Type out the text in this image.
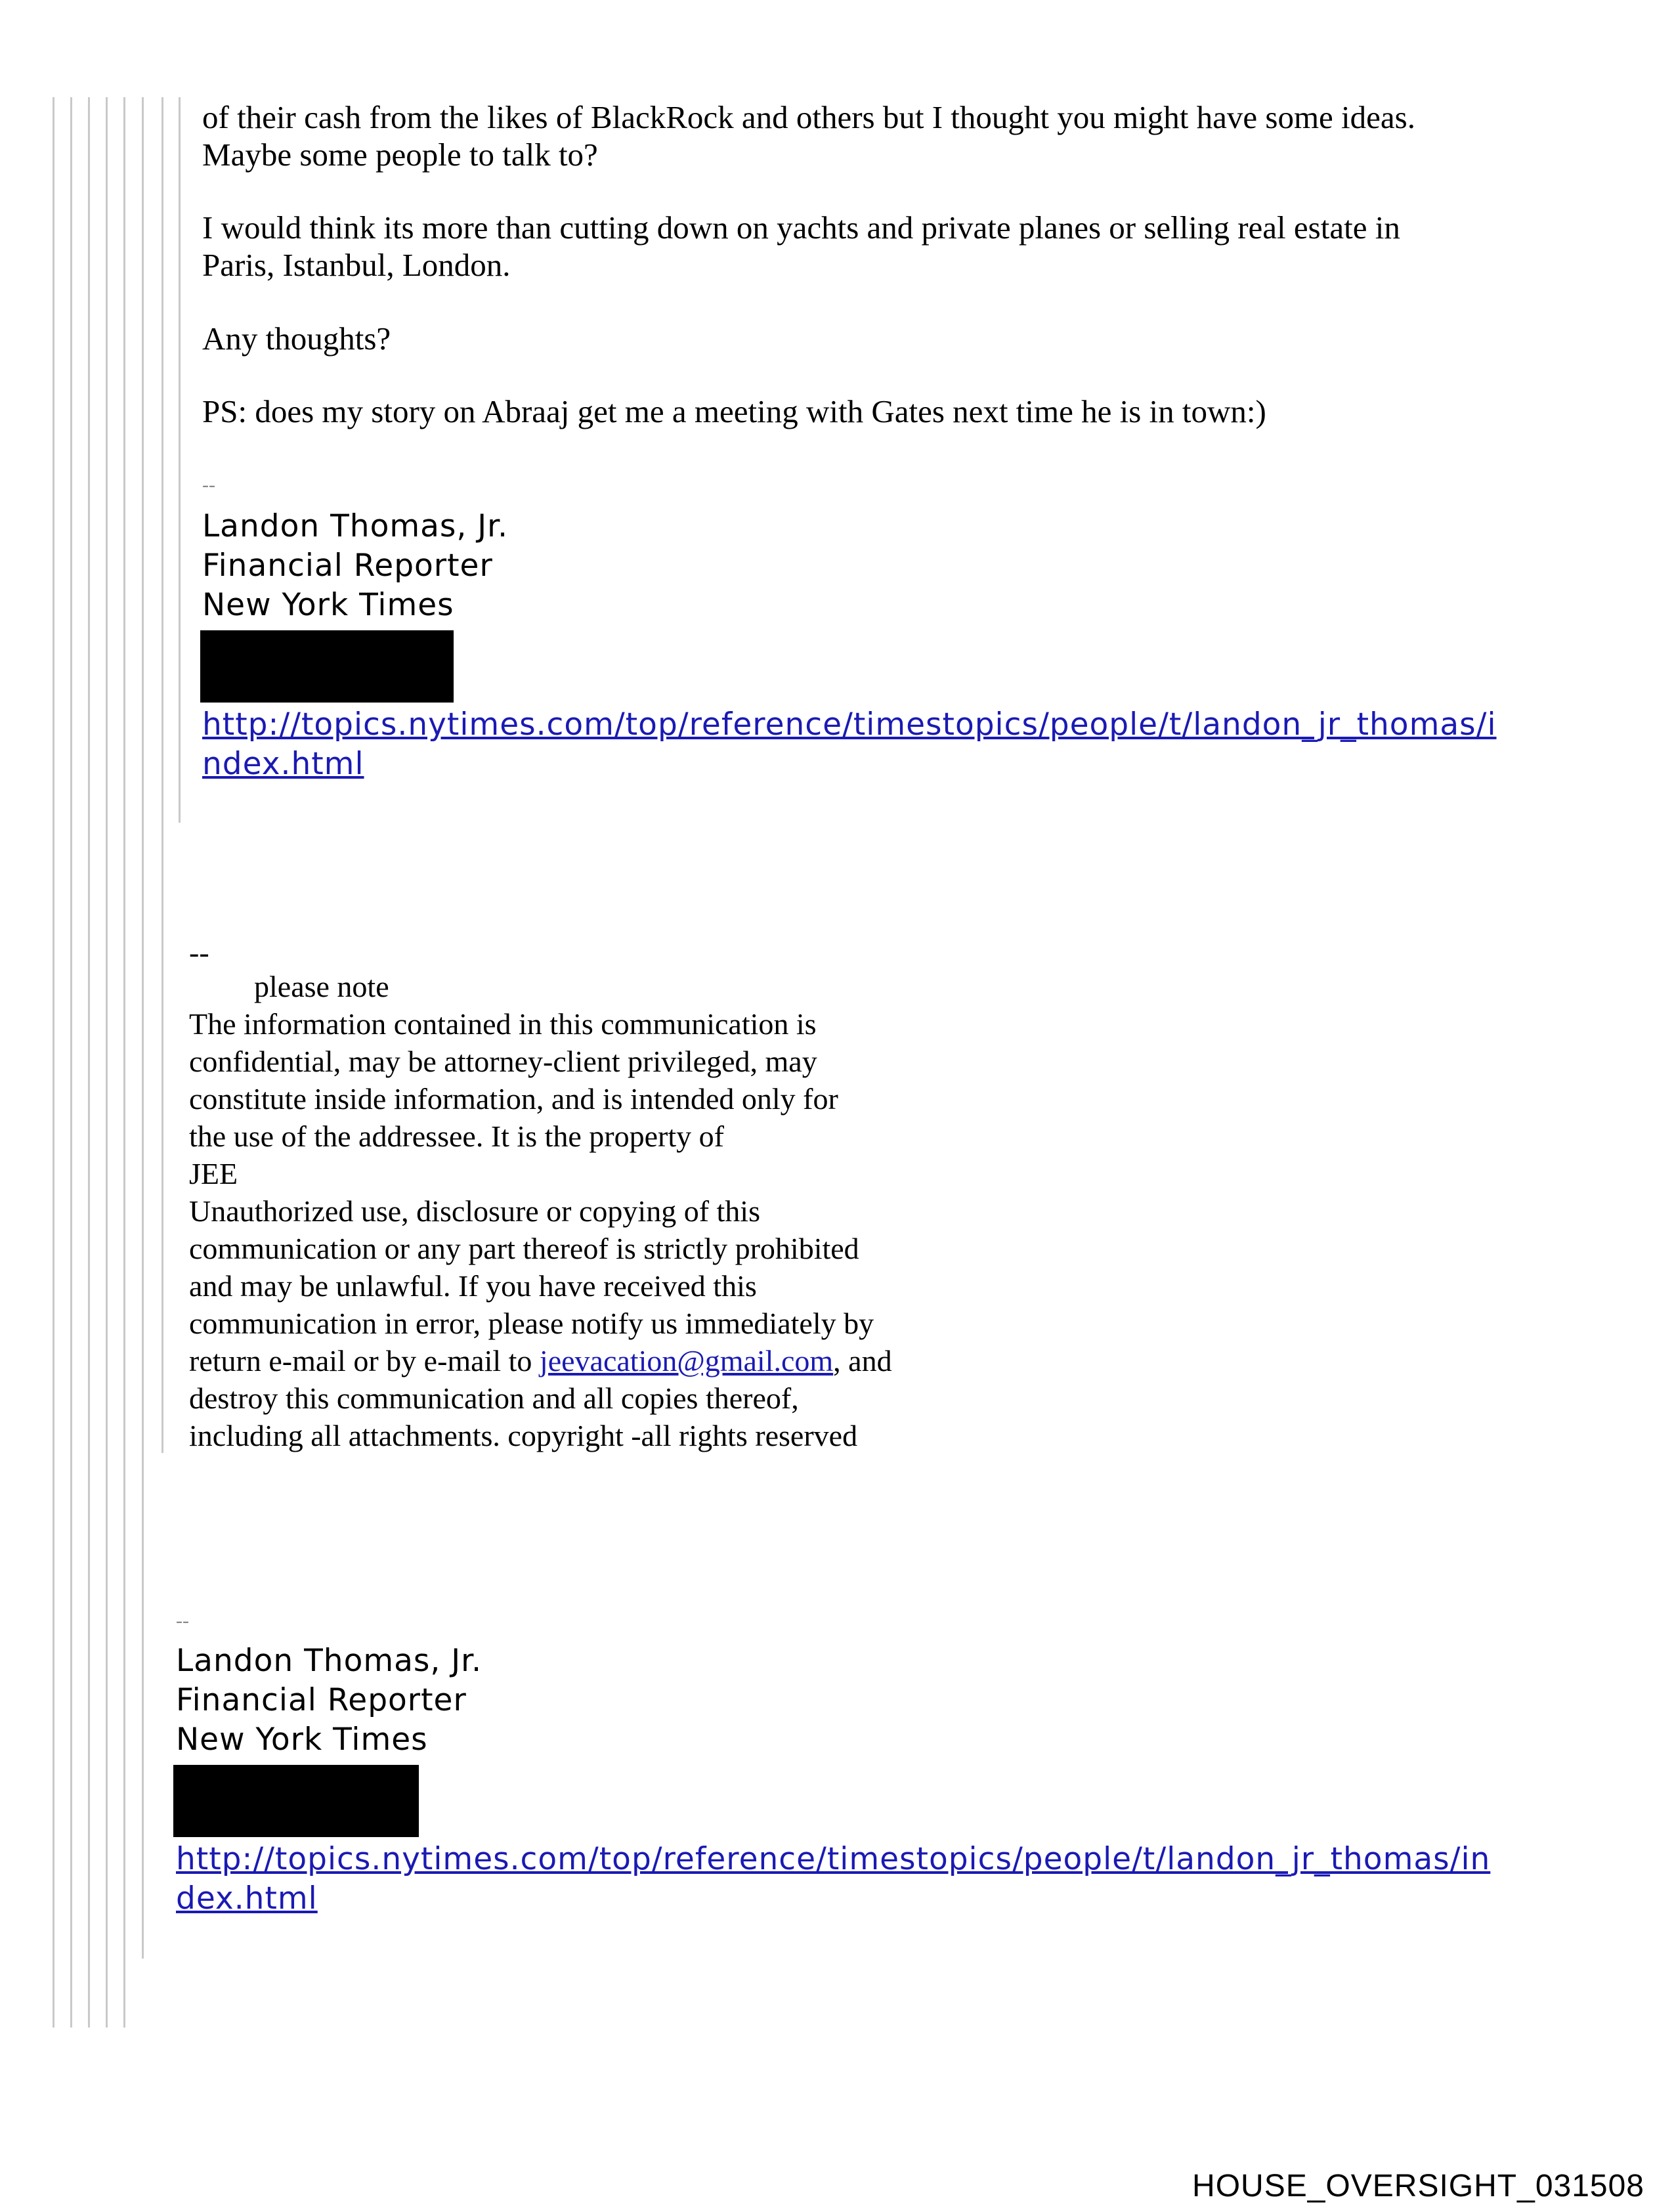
of their cash from the likes of BlackRock and others but I thought you might have some ideas.

Maybe some people to talk to?

I would think its more than cutting down on yachts and private planes or selling real estate in

Paris, Istanbul, London.

Any thoughts?

PS: does my story on Abraaj get me a meeting with Gates next time he is in town:)

--

Landon Thomas, Jr.

Financial Reporter

New York Times

http://topics.nytimes.com/top/reference/timestopics/people/t/landon_jr_thomas/i

ndex.html

--

please note

The information contained in this communication is

confidential, may be attorney-client privileged, may

constitute inside information, and is intended only for

the use of the addressee. It is the property of

JEE

Unauthorized use, disclosure or copying of this

communication or any part thereof is strictly prohibited

and may be unlawful. If you have received this

communication in error, please notify us immediately by

return e-mail or by e-mail to jeevacation@gmail.com, and

destroy this communication and all copies thereof,

including all attachments. copyright -all rights reserved

--

Landon Thomas, Jr.

Financial Reporter

New York Times

http://topics.nytimes.com/top/reference/timestopics/people/t/landon_jr_thomas/in

dex.html

HOUSE_OVERSIGHT_031508
